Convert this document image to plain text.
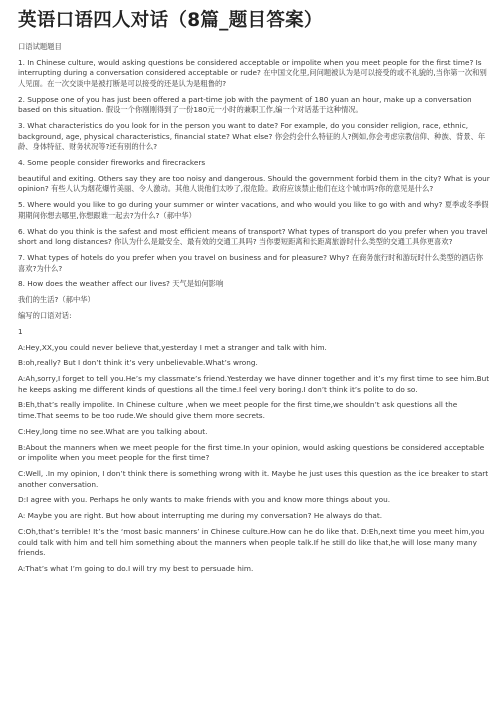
英语口语四人对话（8篇_题目答案）

口语试题题目

1. In Chinese culture, would asking questions be considered acceptable or impolite when you meet people for the first time? Is interrupting during a conversation considered acceptable or rude? 在中国文化里,问问题被认为是可以接受的或不礼貌的,当你第一次和别人见面。在一次交谈中是被打断是可以接受的还是认为是粗鲁的?

2. Suppose one of you has just been offered a part-time job with the payment of 180 yuan an hour, make up a conversation based on this situation. 假设一个你刚刚得到了一份180元一小时的兼职工作,编一个对话基于这种情况。

3. What characteristics do you look for in the person you want to date? For example, do you consider religion, race, ethnic, background, age, physical characteristics, financial state? What else? 你会约会什么特征的人?例如,你会考虑宗教信仰、种族、背景、年龄、身体特征、财务状况等?还有别的什么?

4. Some people consider fireworks and firecrackers

beautiful and exiting. Others say they are too noisy and dangerous. Should the government forbid them in the city? What is your opinion? 有些人认为烟花爆竹美丽、令人激动。其他人说他们太吵了,很危险。政府应该禁止他们在这个城市吗?你的意见是什么?

5. Where would you like to go during your summer or winter vacations, and who would you like to go with and why? 夏季或冬季假期期间你想去哪里,你想跟谁一起去?为什么?（郝中华）

6. What do you think is the safest and most efficient means of transport? What types of transport do you prefer when you travel short and long distances? 你认为什么是最安全、最有效的交通工具吗? 当你要短距离和长距离旅游时什么类型的交通工具你更喜欢?

7. What types of hotels do you prefer when you travel on business and for pleasure? Why? 在商务旅行时和游玩时什么类型的酒店你喜欢?为什么?

8. How does the weather affect our lives? 天气是如何影响

我们的生活?（郝中华）

编写的口语对话:

1

A:Hey,XX,you could never believe that,yesterday I met a stranger and talk with him.

B:oh,really? But I don’t think it’s very unbelievable.What’s wrong.

A:Ah,sorry,I forget to tell you.He’s my classmate’s friend.Yesterday we have dinner together and it’s my first time to see him.But he keeps asking me different kinds of questions all the time.I feel very boring.I don’t think it’s polite to do so.

B:Eh,that’s really impolite. In Chinese culture ,when we meet people for the first time,we shouldn’t ask questions all the time.That seems to be too rude.We should give them more secrets.

C:Hey,long time no see.What are you talking about.

B:About the manners when we meet people for the first time.In your opinion, would asking questions be considered acceptable or impolite when you meet people for the first time?

C:Well, .In my opinion, I don’t think there is something wrong with it. Maybe he just uses this question as the ice breaker to start another conversation.

D:I agree with you. Perhaps he only wants to make friends with you and know more things about you.

A: Maybe you are right. But how about interrupting me during my conversation? He always do that.

C:Oh,that’s terrible! It’s the ‘most basic manners’ in Chinese culture.How can he do like that. D:Eh,next time you meet him,you could talk with him and tell him something about the manners when people talk.If he still do like that,he will lose many many friends.

A:That’s what I’m going to do.I will try my best to persuade him.
